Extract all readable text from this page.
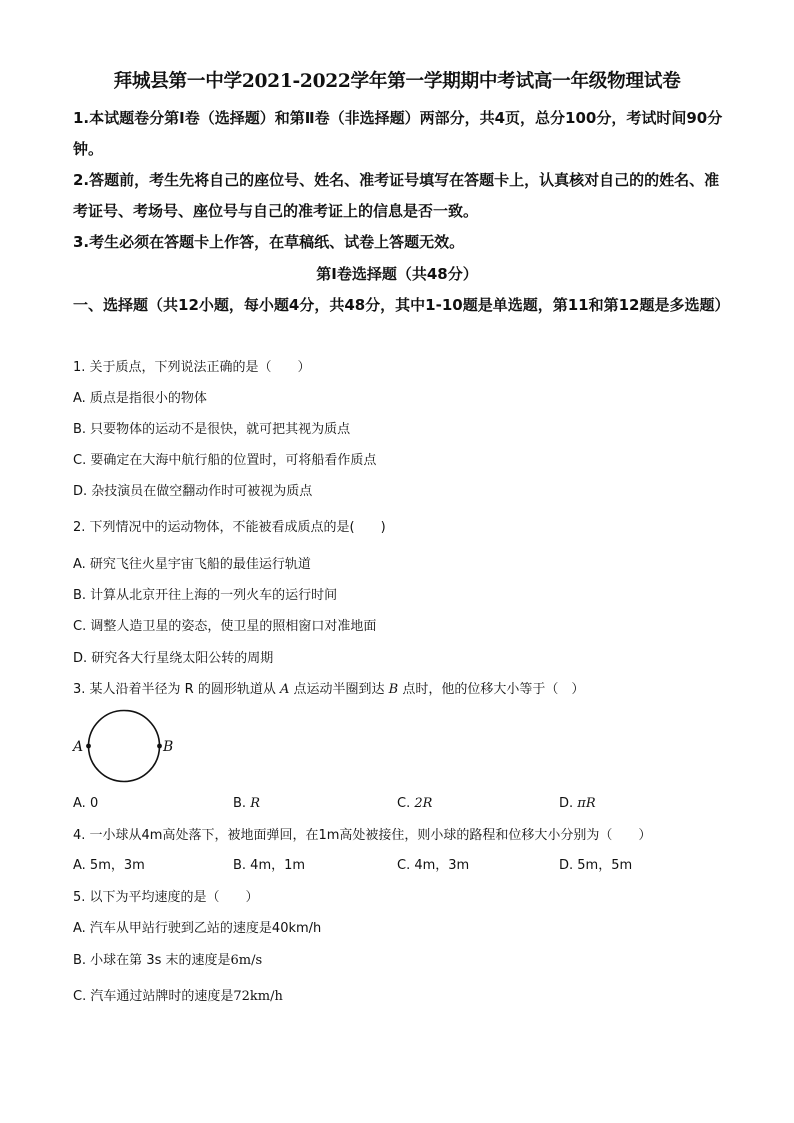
拜城县第一中学2021-2022学年第一学期期中考试高一年级物理试卷
1.本试题卷分第Ⅰ卷（选择题）和第Ⅱ卷（非选择题）两部分，共4页，总分100分，考试时间90分钟。
2.答题前，考生先将自己的座位号、姓名、准考证号填写在答题卡上，认真核对自己的的姓名、准考证号、考场号、座位号与自己的准考证上的信息是否一致。
3.考生必须在答题卡上作答，在草稿纸、试卷上答题无效。
第Ⅰ卷选择题（共48分）
一、选择题（共12小题，每小题4分，共48分，其中1-10题是单选题，第11和第12题是多选题）
1. 关于质点，下列说法正确的是（　　）
A. 质点是指很小的物体
B. 只要物体的运动不是很快，就可把其视为质点
C. 要确定在大海中航行船的位置时，可将船看作质点
D. 杂技演员在做空翻动作时可被视为质点
2. 下列情况中的运动物体，不能被看成质点的是(　　)
A. 研究飞往火星宇宙飞船的最佳运行轨道
B. 计算从北京开往上海的一列火车的运行时间
C. 调整人造卫星的姿态，使卫星的照相窗口对准地面
D. 研究各大行星绕太阳公转的周期
3. 某人沿着半径为 R 的圆形轨道从 A 点运动半圈到达 B 点时，他的位移大小等于（　）
A	B
A. 0	B. R	C. 2R	D. πR
4. 一小球从4m高处落下，被地面弹回，在1m高处被接住，则小球的路程和位移大小分别为（　　）
A. 5m，3m	B. 4m，1m	C. 4m，3m	D. 5m，5m
5. 以下为平均速度的是（　　）
A. 汽车从甲站行驶到乙站的速度是40km/h
B. 小球在第 3s 末的速度是6m/s
C. 汽车通过站牌时的速度是72km/h
